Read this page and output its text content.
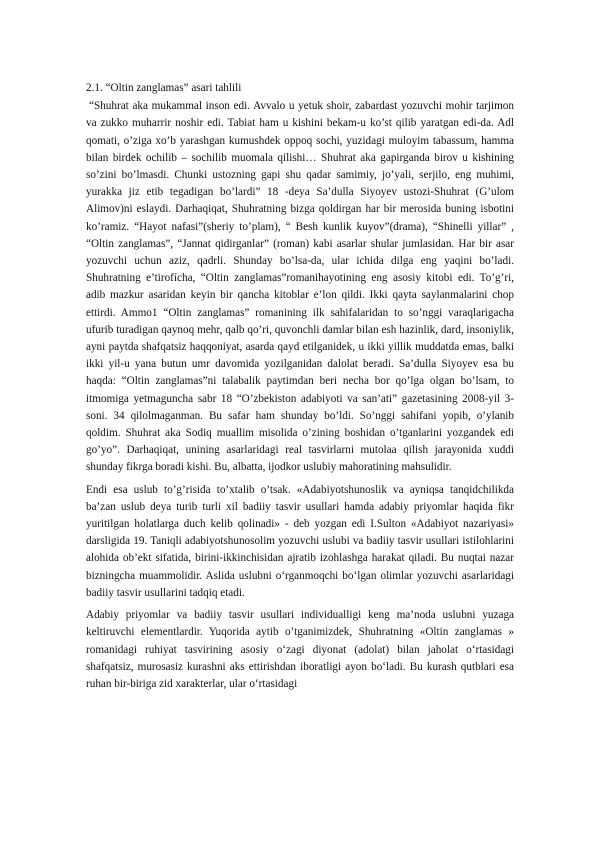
2.1. “Oltin zanglamas” asari tahlili

“Shuhrat aka mukammal inson edi. Avvalo u yetuk shoir, zabardast yozuvchi mohir tarjimon va zukko muharrir noshir edi. Tabiat ham u kishini bekam-u ko’st qilib yaratgan edi-da. Adl qomati, o’ziga xo’b yarashgan kumushdek oppoq sochi, yuzidagi muloyim tabassum, hamma bilan birdek ochilib – sochilib muomala qilishi… Shuhrat aka gapirganda birov u kishining so’zini bo’lmasdi. Chunki ustozning gapi shu qadar samimiy, jo’yali, serjilo, eng muhimi, yurakka jiz etib tegadigan bo’lardi” 18 -deya Sa’dulla Siyoyev ustozi-Shuhrat (G’ulom Alimov)ni eslaydi. Darhaqiqat, Shuhratning bizga qoldirgan har bir merosida buning isbotini ko’ramiz. “Hayot nafasi”(sheriy to’plam), “ Besh kunlik kuyov”(drama), “Shinelli yillar” , “Oltin zanglamas”, “Jannat qidirganlar” (roman) kabi asarlar shular jumlasidan. Har bir asar yozuvchi uchun aziz, qadrli. Shunday bo’lsa-da, ular ichida dilga eng yaqini bo’ladi. Shuhratning e’tirofícha, “Oltin zanglamas”romanihayotining eng asosiy kitobi edi. To’g’ri, adib mazkur asaridan keyin bir qancha kitoblar e’lon qildi. Ikki qayta saylanmalarini chop ettirdi. Ammo1 “Oltin zanglamas” romanining ilk sahifalaridan to so’nggi varaqlarigacha ufurib turadigan qaynoq mehr, qalb qo’ri, quvonchli damlar bilan esh hazinlik, dard, insoniylik, ayni paytda shafqatsiz haqqoniyat, asarda qayd etilganidek, u ikki yillik muddatda emas, balki ikki yil-u yana butun umr davomida yozilganidan dalolat beradi. Sa’dulla Siyoyev esa bu haqda: “Oltin zanglamas”ni talabalik paytimdan beri necha bor qo’lga olgan bo’lsam, to itmomiga yetmaguncha sabr 18 “O’zbekiston adabiyoti va san’ati” gazetasining 2008-yil 3-soni. 34 qilolmaganman. Bu safar ham shunday bo’ldi. So’nggi sahifani yopib, o’ylanib qoldim. Shuhrat aka Sodiq muallim misolida o’zining boshidan o’tganlarini yozgandek edi go’yo”. Darhaqiqat, unining asarlaridagi real tasvirlarni mutolaa qilish jarayonida xuddi shunday fikrga boradi kishi. Bu, albatta, ijodkor uslubiy mahoratining mahsulidir.

Endi esa uslub to’g’risida to’xtalib o’tsak. «Adabiyotshunoslik va ayniqsa tanqidchilikda ba’zan uslub deya turib turli xil badiiy tasvir usullari hamda adabiy priyomlar haqida fikr yuritilgan holatlarga duch kelib qolinadi» - deb yozgan edi I.Sulton «Adabiyot nazariyasi» darsligida 19. Taniqli adabiyotshunosolim yozuvchi uslubi va badiiy tasvir usullari istilohlarini alohida ob’ekt sifatida, birini-ikkinchisidan ajratib izohlashga harakat qiladi. Bu nuqtai nazar bizningcha muammolidir. Aslida uslubni o‘rganmoqchi bo‘lgan olimlar yozuvchi asarlaridagi badiiy tasvir usullarini tadqiq etadi.

Adabiy priyomlar va badiiy tasvir usullari individualligi keng ma’noda uslubni yuzaga keltiruvchi elementlardir. Yuqorida aytib o’tganimizdek, Shuhratning «Oltin zanglamas » romanidagi ruhiyat tasvirining asosiy o‘zagi diyonat (adolat) bilan jaholat o‘rtasidagi shafqatsiz, murosasiz kurashni aks ettirishdan iboratligi ayon bo‘ladi. Bu kurash qutblari esa ruhan bir-biriga zid xarakterlar, ular o‘rtasidagi
